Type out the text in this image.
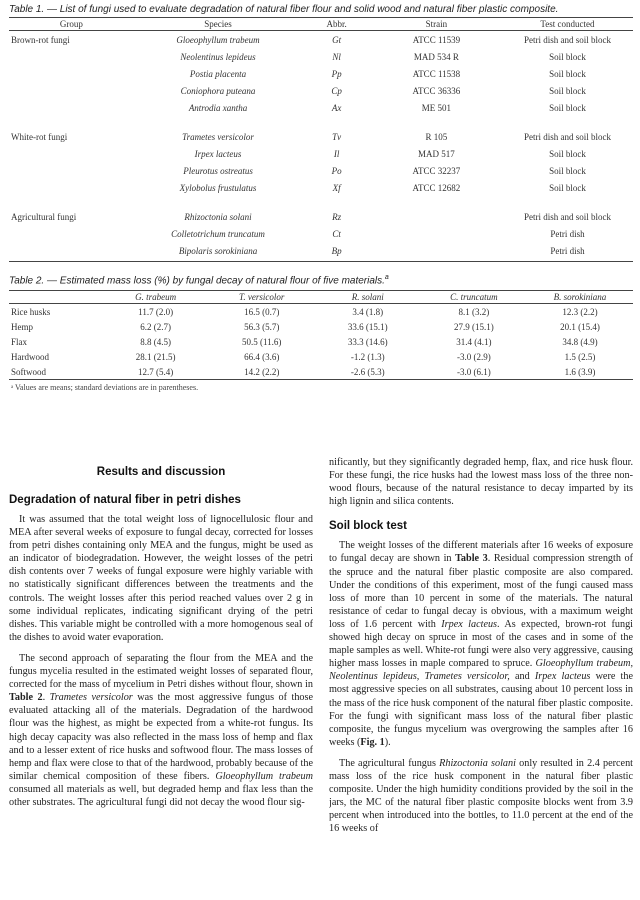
Table 1. — List of fungi used to evaluate degradation of natural fiber flour and solid wood and natural fiber plastic composite.

Group	Species	Abbr.	Strain	Test conducted
Brown-rot fungi	Gloeophyllum trabeum	Gt	ATCC 11539	Petri dish and soil block
	Neolentinus lepideus	Nl	MAD 534 R	Soil block
	Postia placenta	Pp	ATCC 11538	Soil block
	Coniophora puteana	Cp	ATCC 36336	Soil block
	Antrodia xantha	Ax	ME 501	Soil block

White-rot fungi	Trametes versicolor	Tv	R 105	Petri dish and soil block
	Irpex lacteus	Il	MAD 517	Soil block
	Pleurotus ostreatus	Po	ATCC 32237	Soil block
	Xylobolus frustulatus	Xf	ATCC 12682	Soil block

Agricultural fungi	Rhizoctonia solani	Rz		Petri dish and soil block
	Colletotrichum truncatum	Ct		Petri dish
	Bipolaris sorokiniana	Bp		Petri dish

Table 2. — Estimated mass loss (%) by fungal decay of natural flour of five materials.$^a$

	G. trabeum	T. versicolor	R. solani	C. truncatum	B. sorokiniana
Rice husks	11.7 (2.0)	16.5 (0.7)	3.4 (1.8)	8.1 (3.2)	12.3 (2.2)
Hemp	6.2 (2.7)	56.3 (5.7)	33.6 (15.1)	27.9 (15.1)	20.1 (15.4)
Flax	8.8 (4.5)	50.5 (11.6)	33.3 (14.6)	31.4 (4.1)	34.8 (4.9)
Hardwood	28.1 (21.5)	66.4 (3.6)	-1.2 (1.3)	-3.0 (2.9)	1.5 (2.5)
Softwood	12.7 (5.4)	14.2 (2.2)	-2.6 (5.3)	-3.0 (6.1)	1.6 (3.9)

ᵃ Values are means; standard deviations are in parentheses.

Results and discussion
Degradation of natural fiber in petri dishes

It was assumed that the total weight loss of lignocellulosic flour and MEA after several weeks of exposure to fungal decay, corrected for losses from petri dishes containing only MEA and the fungus, might be used as an indicator of biodegradation. However, the weight losses of the petri dish contents over 7 weeks of fungal exposure were highly variable with no statistically significant differences between the treatments and the controls. The weight losses after this period reached values over 2 g in some individual replicates, indicating significant drying of the petri dishes. This variable might be controlled with a more homogenous seal of the dishes to avoid water evaporation.

The second approach of separating the flour from the MEA and the fungus mycelia resulted in the estimated weight losses of separated flour, corrected for the mass of mycelium in Petri dishes without flour, shown in Table 2. Trametes versicolor was the most aggressive fungus of those evaluated attacking all of the materials. Degradation of the hardwood flour was the highest, as might be expected from a white-rot fungus. Its high decay capacity was also reflected in the mass loss of hemp and flax and to a lesser extent of rice husks and softwood flour. The mass losses of hemp and flax were close to that of the hardwood, probably because of the similar chemical composition of these fibers. Gloeophyllum trabeum consumed all materials as well, but degraded hemp and flax less than the other substrates. The agricultural fungi did not decay the wood flour sig-

nificantly, but they significantly degraded hemp, flax, and rice husk flour. For these fungi, the rice husks had the lowest mass loss of the three non-wood flours, because of the natural resistance to decay imparted by its high lignin and silica contents.

Soil block test

The weight losses of the different materials after 16 weeks of exposure to fungal decay are shown in Table 3. Residual compression strength of the spruce and the natural fiber plastic composite are also compared. Under the conditions of this experiment, most of the fungi caused mass loss of more than 10 percent in some of the materials. The natural resistance of cedar to fungal decay is obvious, with a maximum weight loss of 1.6 percent with Irpex lacteus. As expected, brown-rot fungi showed high decay on spruce in most of the cases and in some of the maple samples as well. White-rot fungi were also very aggressive, causing higher mass losses in maple compared to spruce. Gloeophyllum trabeum, Neolentinus lepideus, Trametes versicolor, and Irpex lacteus were the most aggressive species on all substrates, causing about 10 percent loss in the mass of the rice husk component of the natural fiber plastic composite. For the fungi with significant mass loss of the natural fiber plastic composite, the fungus mycelium was overgrowing the samples after 16 weeks (Fig. 1).

The agricultural fungus Rhizoctonia solani only resulted in 2.4 percent mass loss of the rice husk component in the natural fiber plastic composite. Under the high humidity conditions provided by the soil in the jars, the MC of the natural fiber plastic composite blocks went from 3.9 percent when introduced into the bottles, to 11.0 percent at the end of the 16 weeks of
